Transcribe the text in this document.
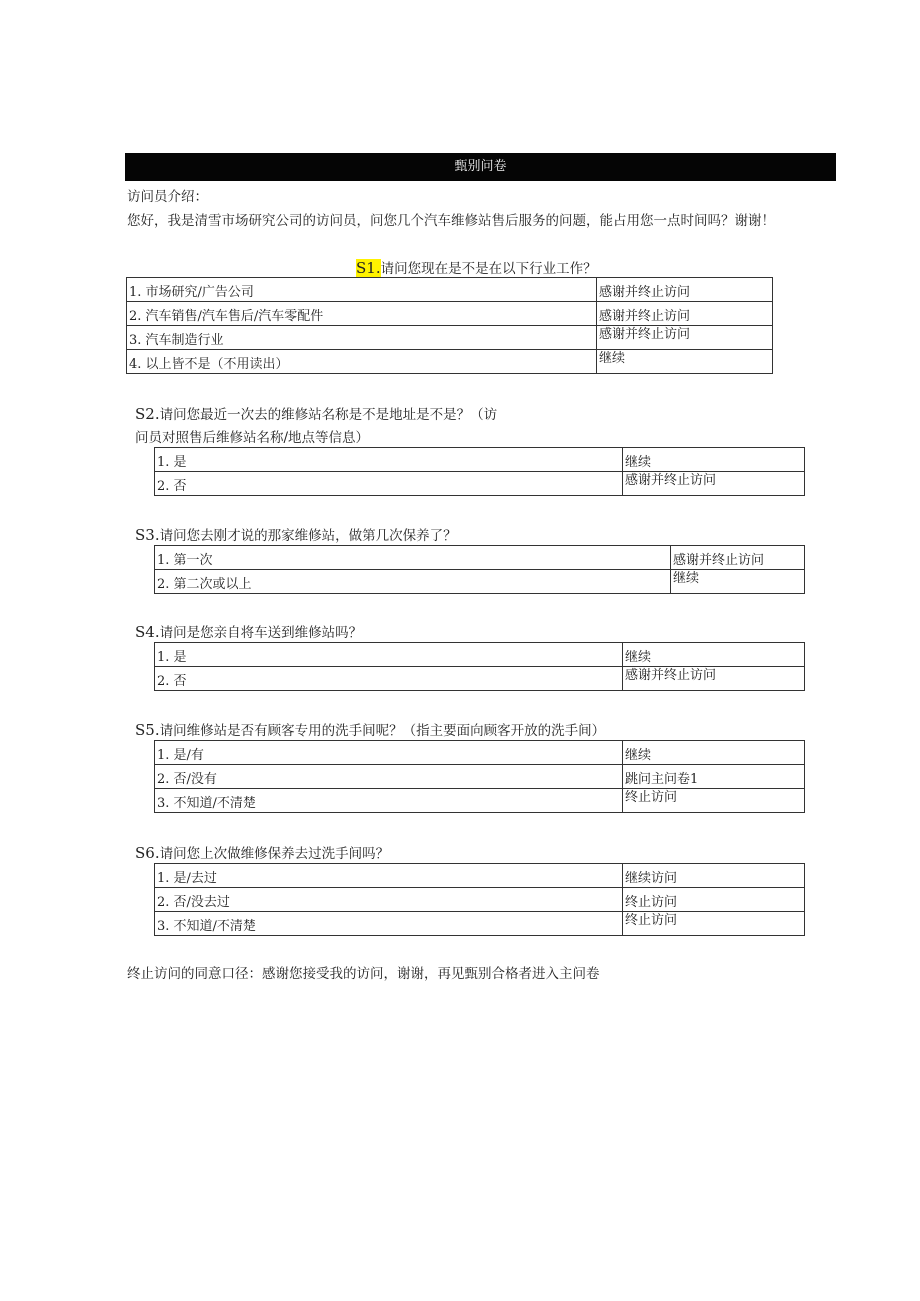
甄别问卷
访问员介绍：
您好，我是清雪市场研究公司的访问员，问您几个汽车维修站售后服务的问题，能占用您一点时间吗？谢谢！
S1.请问您现在是不是在以下行业工作？
1. 市场研究/广告公司	感谢并终止访问
2. 汽车销售/汽车售后/汽车零配件	感谢并终止访问
3. 汽车制造行业	感谢并终止访问
4. 以上皆不是（不用读出）	继续
S2.请问您最近一次去的维修站名称是不是地址是不是？（访
问员对照售后维修站名称/地点等信息）
1. 是	继续
2. 否	感谢并终止访问
S3.请问您去刚才说的那家维修站，做第几次保养了？
1. 第一次	感谢并终止访问
2. 第二次或以上	继续
S4.请问是您亲自将车送到维修站吗？
1. 是	继续
2. 否	感谢并终止访问
S5.请问维修站是否有顾客专用的洗手间呢？（指主要面向顾客开放的洗手间）
1. 是/有	继续
2. 否/没有	跳问主问卷1
3. 不知道/不清楚	终止访问
S6.请问您上次做维修保养去过洗手间吗？
1. 是/去过	继续访问
2. 否/没去过	终止访问
3. 不知道/不清楚	终止访问
终止访问的同意口径：感谢您接受我的访问，谢谢，再见甄别合格者进入主问卷
